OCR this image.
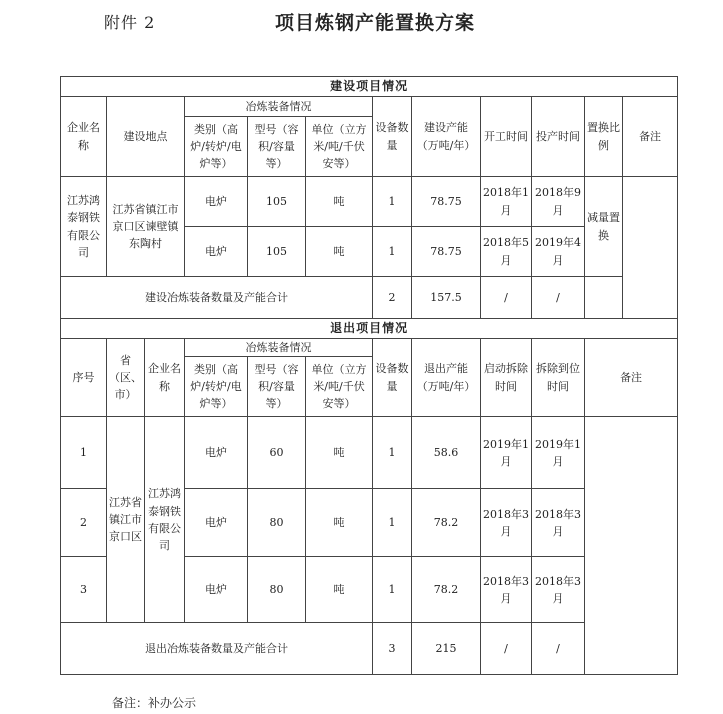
附件 2	项目炼钢产能置换方案
建设项目情况											
企业名称	建设地点		冶炼装备情况			设备数量	建设产能（万吨/年）	开工时间	投产时间	置换比例	备注
			类别（高炉/转炉/电炉等）	型号（容积/容量等）	单位（立方米/吨/千伏安等）						
江苏鸿泰钢铁有限公司	江苏省镇江市京口区谏壁镇东陶村		电炉	105	吨	1	78.75	2018年1月	2018年9月	减量置换	
			电炉	105	吨	1	78.75	2018年5月	2019年4月		
建设冶炼装备数量及产能合计						2	157.5	/	/		
退出项目情况											
序号	省（区、市）	企业名称	冶炼装备情况			设备数量	退出产能（万吨/年）	启动拆除时间	拆除到位时间	备注	
			类别（高炉/转炉/电炉等）	型号（容积/容量等）	单位（立方米/吨/千伏安等）						
1	江苏省镇江市京口区	江苏鸿泰钢铁有限公司	电炉	60	吨	1	58.6	2019年1月	2019年1月		
2			电炉	80	吨	1	78.2	2018年3月	2018年3月		
3			电炉	80	吨	1	78.2	2018年3月	2018年3月		
退出冶炼装备数量及产能合计						3	215	/	/		
备注：补办公示
